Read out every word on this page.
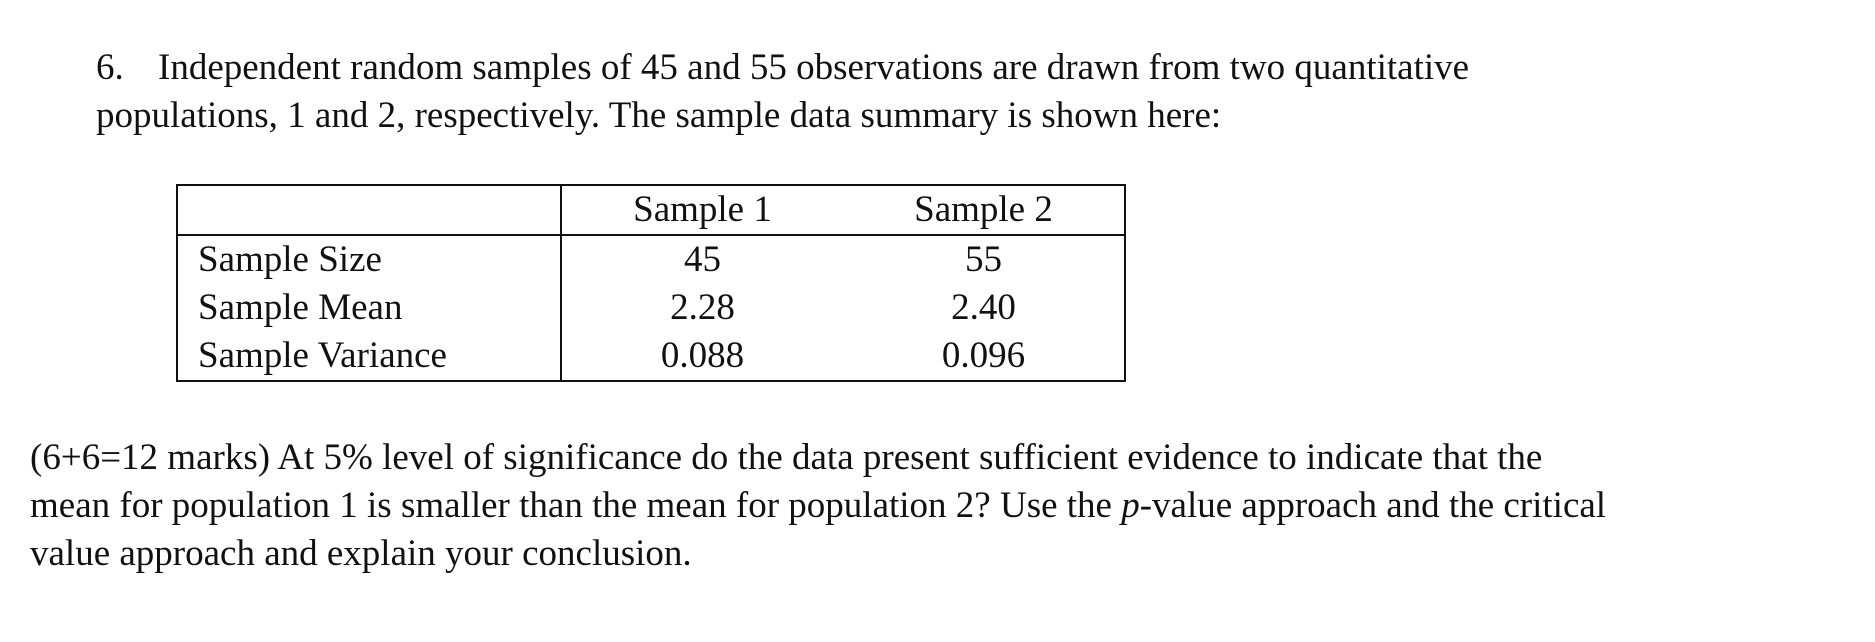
6. Independent random samples of 45 and 55 observations are drawn from two quantitative
populations, 1 and 2, respectively. The sample data summary is shown here:
	Sample 1	Sample 2
Sample Size	45	55
Sample Mean	2.28	2.40
Sample Variance	0.088	0.096
(6+6=12 marks) At 5% level of significance do the data present sufficient evidence to indicate that the
mean for population 1 is smaller than the mean for population 2? Use the p-value approach and the critical
value approach and explain your conclusion.
